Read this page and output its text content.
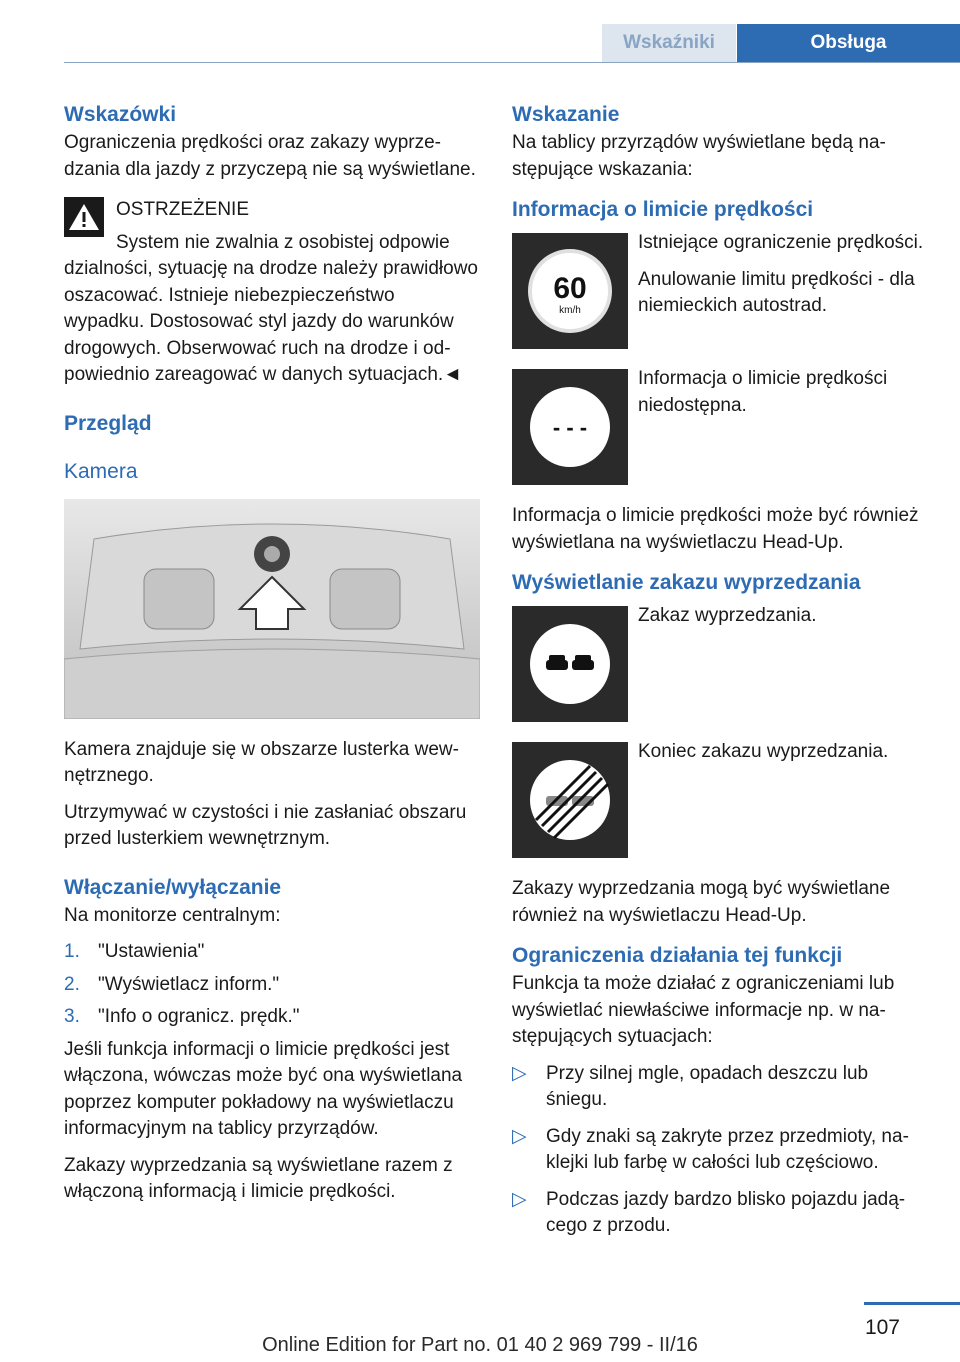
Wskaźniki	Obsługa
Wskazówki

Ograniczenia prędkości oraz zakazy wyprzedzania dla jazdy z przyczepą nie są wyświetlane.

OSTRZEŻENIE

System nie zwalnia z osobistej odpowie

dzialności, sytuację na drodze należy prawidłowo oszacować. Istnieje niebezpieczeństwo wypadku. Dostosować styl jazdy do warunków drogowych. Obserwować ruch na drodze i odpowiednio zareagować w danych sytuacjach.◄

Przegląd
Kamera

Kamera znajduje się w obszarze lusterka wewnętrznego.

Utrzymywać w czystości i nie zasłaniać obszaru przed lusterkiem wewnętrznym.

Włączanie/wyłączanie

Na monitorze centralnym:

1. "Ustawienia"
2. "Wyświetlacz inform."
3. "Info o ogranicz. prędk."

Jeśli funkcja informacji o limicie prędkości jest włączona, wówczas może być ona wyświetlana poprzez komputer pokładowy na wyświetlaczu informacyjnym na tablicy przyrządów.

Zakazy wyprzedzania są wyświetlane razem z włączoną informacją i limicie prędkości.

Wskazanie

Na tablicy przyrządów wyświetlane będą następujące wskazania:

Informacja o limicie prędkości
60
km/h

Istniejące ograniczenie prędkości.

Anulowanie limitu prędkości - dla niemieckich autostrad.

- - -

Informacja o limicie prędkości niedostępna.

Informacja o limicie prędkości może być również wyświetlana na wyświetlaczu Head-Up.

Wyświetlanie zakazu wyprzedzania

Zakaz wyprzedzania.

Koniec zakazu wyprzedzania.

Zakazy wyprzedzania mogą być wyświetlane również na wyświetlaczu Head-Up.

Ograniczenia działania tej funkcji

Funkcja ta może działać z ograniczeniami lub wyświetlać niewłaściwe informacje np. w następujących sytuacjach:

▷ Przy silnej mgle, opadach deszczu lub śniegu.
▷ Gdy znaki są zakryte przez przedmioty, naklejki lub farbę w całości lub częściowo.
▷ Podczas jazdy bardzo blisko pojazdu jadącego z przodu.
107
Online Edition for Part no. 01 40 2 969 799 - II/16
